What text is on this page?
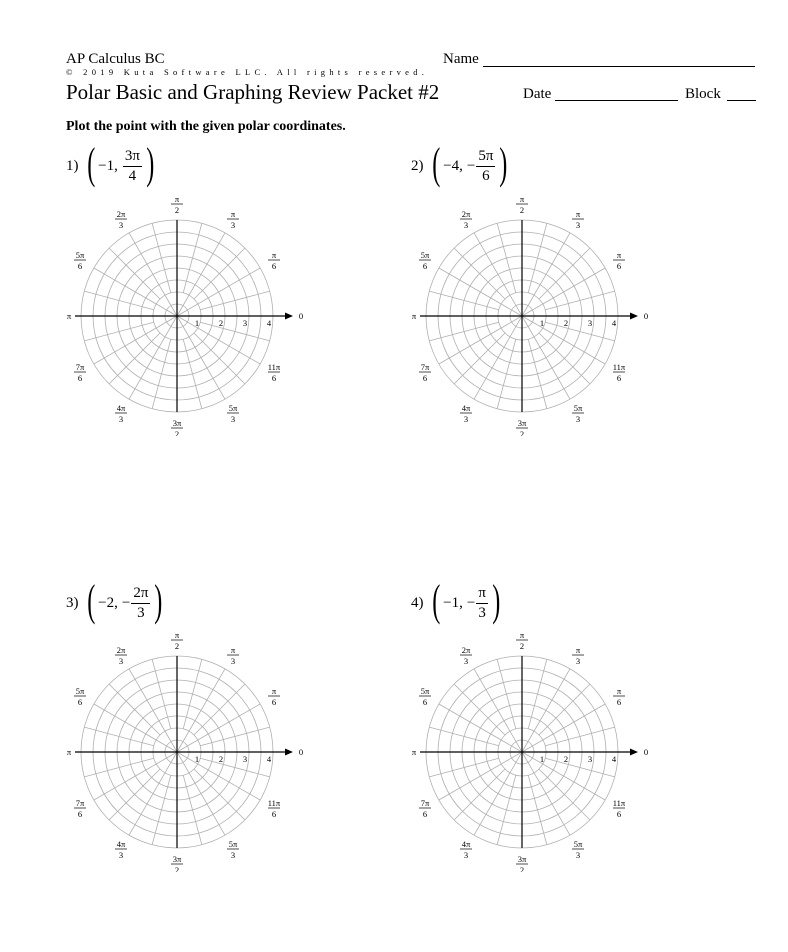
AP Calculus BC	Name
© 2019 Kuta Software LLC. All rights reserved.
Polar Basic and Graphing Review Packet #2	Date	Block
Plot the point with the given polar coordinates.
1) ( −1, $\frac{3\pi}{4}$ )	2) ( −4, − $\frac{5\pi}{6}$ )
3) ( −2, − $\frac{2\pi}{3}$ )	4) ( −1, − $\frac{\pi}{3}$ )
0
π
1 2 3 4
π
6
π
3
π
2
2π
3
5π
6
7π
6
4π
3	3π
2
5π
3
11π
6
0
π
1 2 3 4
π
6
π
3
π
2
2π
3
5π
6
7π
6
4π
3	3π
2
5π
3
11π
6
0
π
1 2 3 4
π
6
π
3
π
2
2π
3
5π
6
7π
6
4π
3	3π
2
5π
3
11π
6
0
π
1 2 3 4
π
6
π
3
π
2
2π
3
5π
6
7π
6
4π
3	3π
2
5π
3
11π
6
